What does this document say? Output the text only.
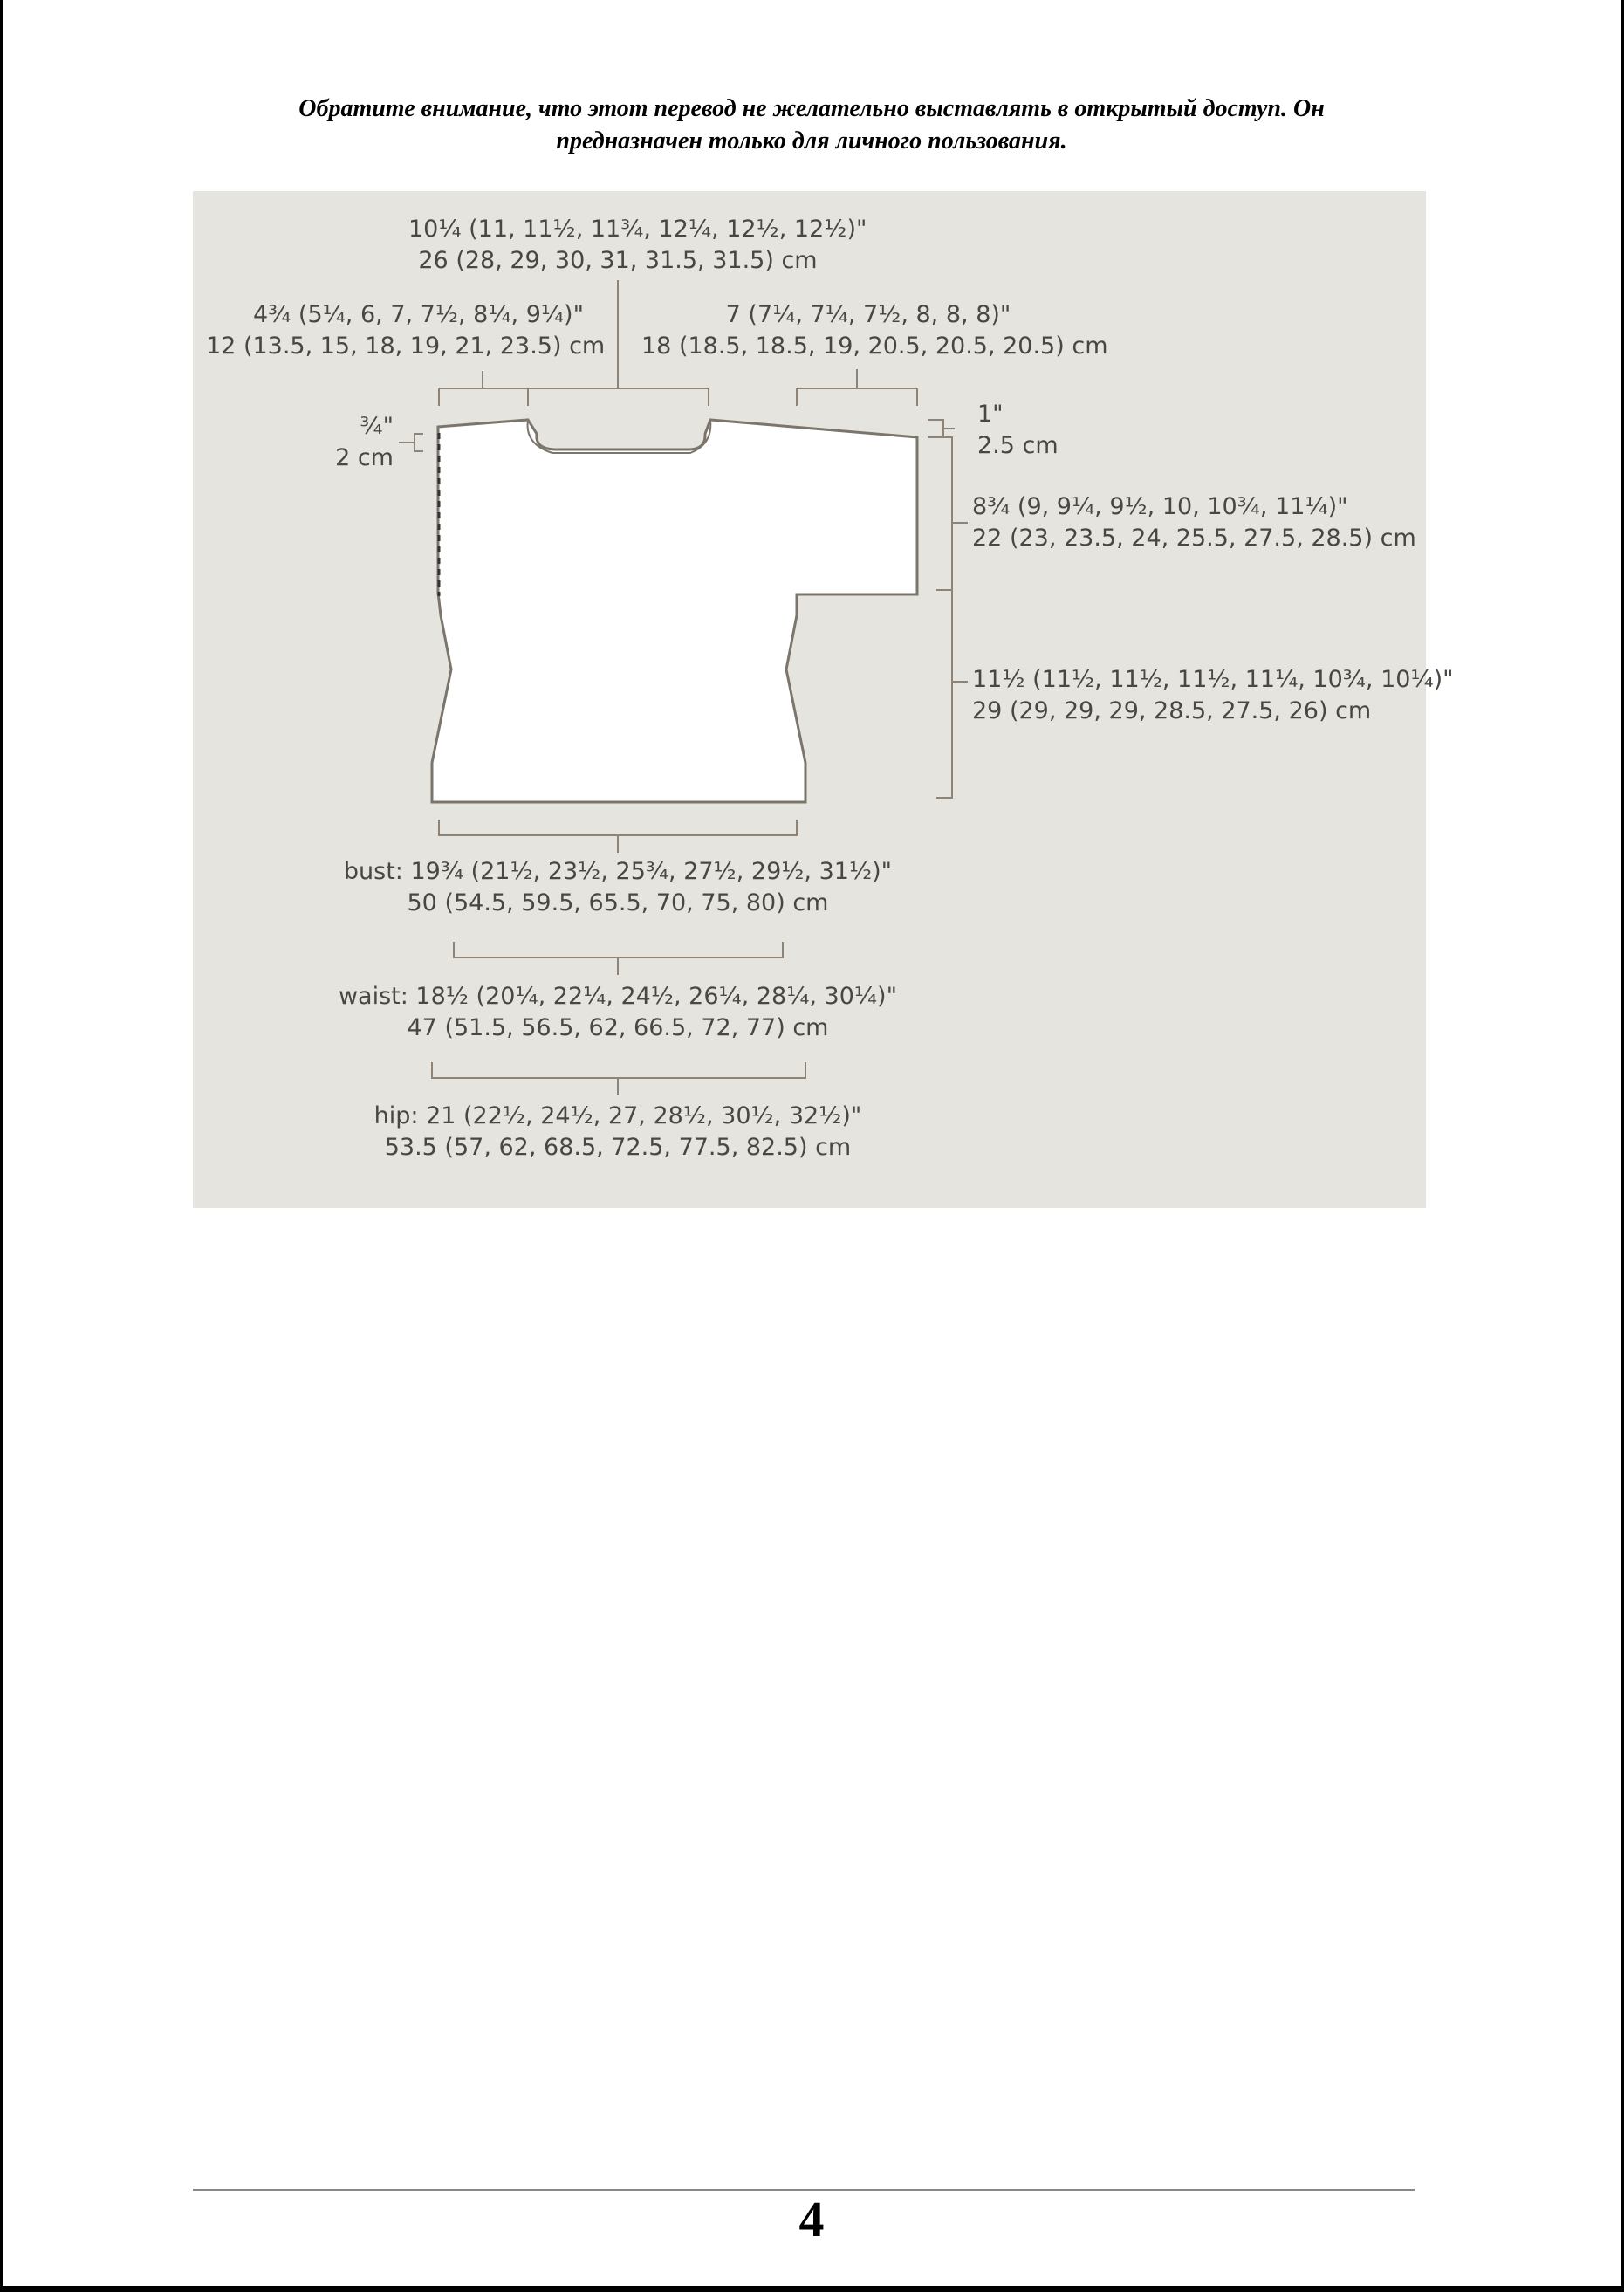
Обратите внимание, что этот перевод не желательно выставлять в открытый доступ. Он
предназначен только для личного пользования.
10¼ (11, 11½, 11¾, 12¼, 12½, 12½)"
26 (28, 29, 30, 31, 31.5, 31.5) cm
4¾ (5¼, 6, 7, 7½, 8¼, 9¼)"
12 (13.5, 15, 18, 19, 21, 23.5) cm
7 (7¼, 7¼, 7½, 8, 8, 8)"
18 (18.5, 18.5, 19, 20.5, 20.5, 20.5) cm
¾"
2 cm
1"
2.5 cm
8¾ (9, 9¼, 9½, 10, 10¾, 11¼)"
22 (23, 23.5, 24, 25.5, 27.5, 28.5) cm
11½ (11½, 11½, 11½, 11¼, 10¾, 10¼)"
29 (29, 29, 29, 28.5, 27.5, 26) cm
bust: 19¾ (21½, 23½, 25¾, 27½, 29½, 31½)"
50 (54.5, 59.5, 65.5, 70, 75, 80) cm
waist: 18½ (20¼, 22¼, 24½, 26¼, 28¼, 30¼)"
47 (51.5, 56.5, 62, 66.5, 72, 77) cm
hip: 21 (22½, 24½, 27, 28½, 30½, 32½)"
53.5 (57, 62, 68.5, 72.5, 77.5, 82.5) cm
4
